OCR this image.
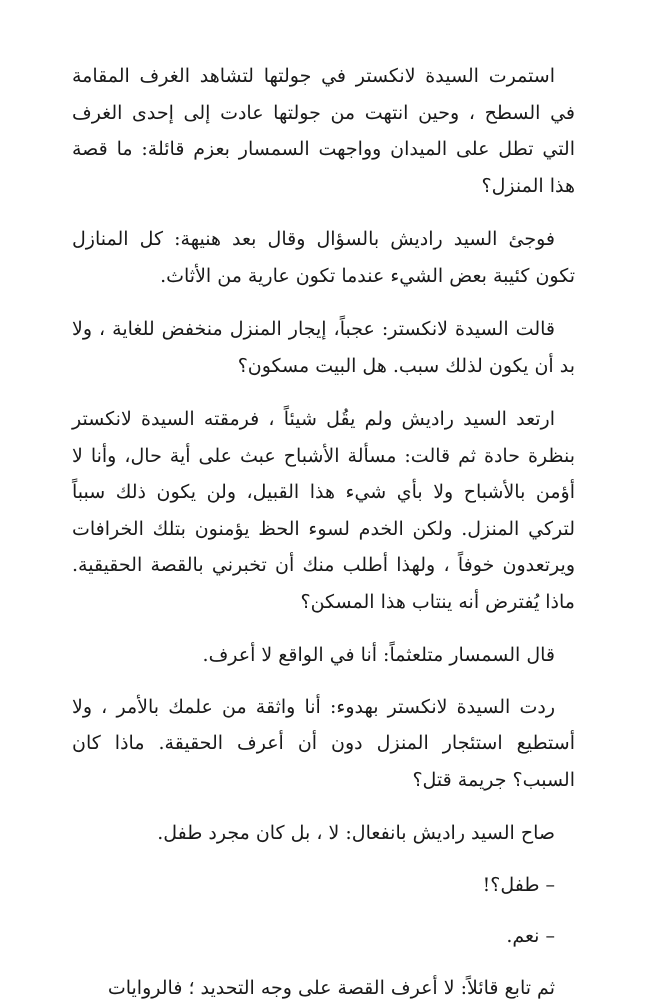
استمرت السيدة لانكستر في جولتها لتشاهد الغرف المقامة في السطح ، وحين انتهت من جولتها عادت إلى إحدى الغرف التي تطل على الميدان وواجهت السمسار بعزم قائلة: ما قصة هذا المنزل؟

فوجئ السيد راديش بالسؤال وقال بعد هنيهة: كل المنازل تكون كئيبة بعض الشيء عندما تكون عارية من الأثاث.

قالت السيدة لانكستر: عجباً، إيجار المنزل منخفض للغاية ، ولا بد أن يكون لذلك سبب. هل البيت مسكون؟

ارتعد السيد راديش ولم يقُل شيئاً ، فرمقته السيدة لانكستر بنظرة حادة ثم قالت: مسألة الأشباح عبث على أية حال، وأنا لا أؤمن بالأشباح ولا بأي شيء هذا القبيل، ولن يكون ذلك سبباً لتركي المنزل. ولكن الخدم لسوء الحظ يؤمنون بتلك الخرافات ويرتعدون خوفاً ، ولهذا أطلب منك أن تخبرني بالقصة الحقيقية. ماذا يُفترض أنه ينتاب هذا المسكن؟

قال السمسار متلعثماً: أنا في الواقع لا أعرف.

ردت السيدة لانكستر بهدوء: أنا واثقة من علمك بالأمر ، ولا أستطيع استئجار المنزل دون أن أعرف الحقيقة. ماذا كان السبب؟ جريمة قتل؟

صاح السيد راديش بانفعال: لا ، بل كان مجرد طفل.

– طفل؟!

– نعم.

ثم تابع قائلاً: لا أعرف القصة على وجه التحديد ؛ فالروايات
